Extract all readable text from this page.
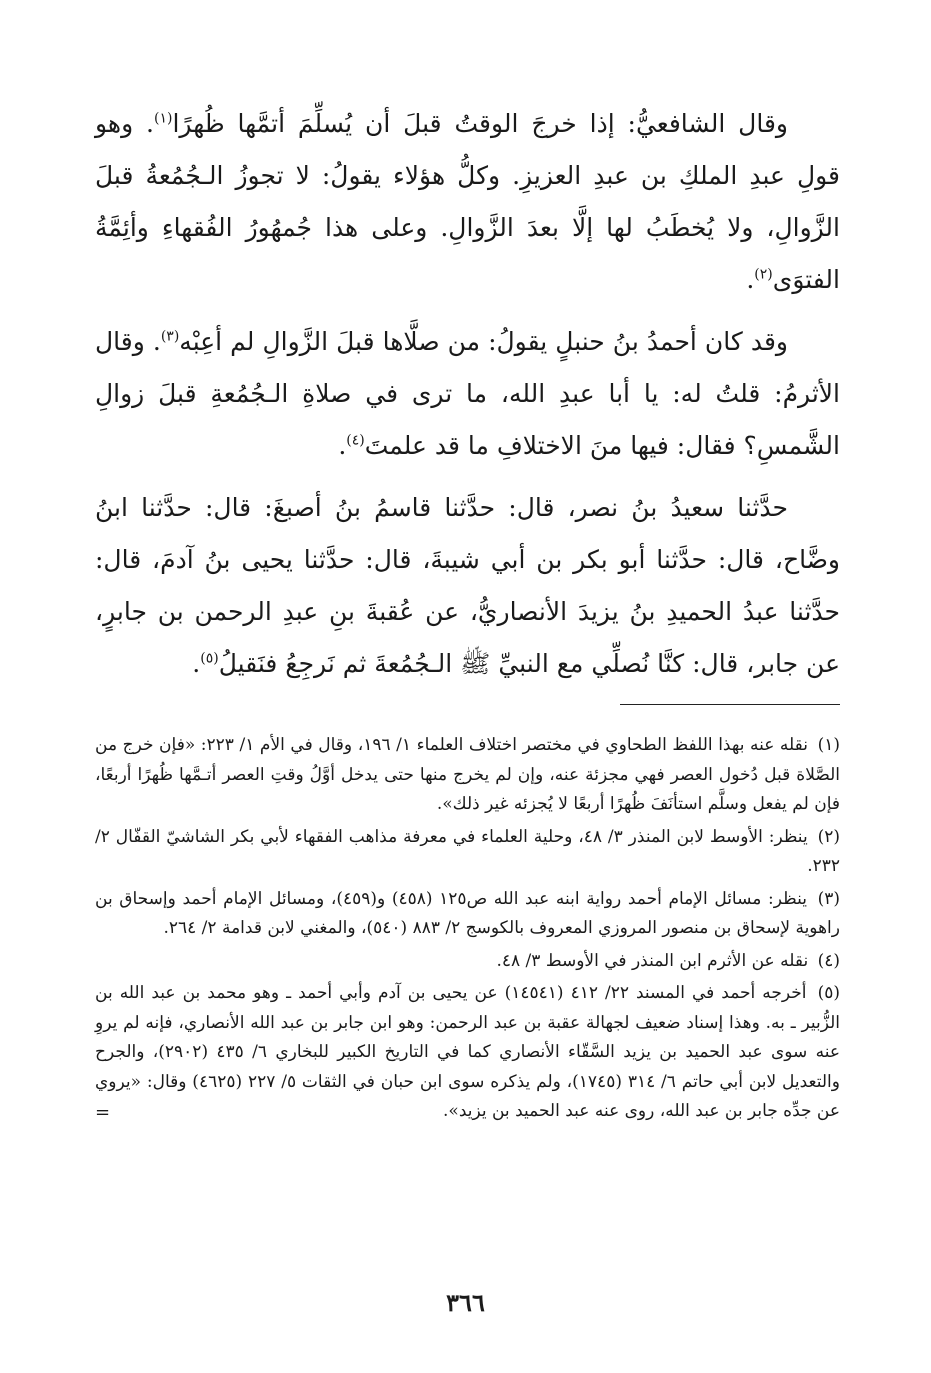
وقال الشافعيُّ: إذا خرجَ الوقتُ قبلَ أن يُسلِّمَ أتمَّها ظُهرًا$^{(١)}$. وهو قولِ عبدِ الملكِ بن عبدِ العزيزِ. وكلُّ هؤلاء يقولُ: لا تجوزُ الـجُمُعةُ قبلَ الزَّوالِ، ولا يُخطَبُ لها إلَّا بعدَ الزَّوالِ. وعلى هذا جُمهُورُ الفُقهاءِ وأئِمَّةُ الفتوَى$^{(٢)}$.

وقد كان أحمدُ بنُ حنبلٍ يقولُ: من صلَّاها قبلَ الزَّوالِ لم أعِبْه$^{(٣)}$. وقال الأثرمُ: قلتُ له: يا أبا عبدِ الله، ما ترى في صلاةِ الـجُمُعةِ قبلَ زوالِ الشَّمسِ؟ فقال: فيها منَ الاختلافِ ما قد علمتَ$^{(٤)}$.

حدَّثنا سعيدُ بنُ نصر، قال: حدَّثنا قاسمُ بنُ أصبغَ: قال: حدَّثنا ابنُ وضَّاح، قال: حدَّثنا أبو بكر بن أبي شيبةَ، قال: حدَّثنا يحيى بنُ آدمَ، قال: حدَّثنا عبدُ الحميدِ بنُ يزيدَ الأنصاريُّ، عن عُقبةَ بنِ عبدِ الرحمن بن جابرٍ، عن جابر، قال: كنَّا نُصلِّي مع النبيِّ ﷺ الـجُمُعةَ ثم نَرجِعُ فنَقيلُ$^{(٥)}$.

(١) نقله عنه بهذا اللفظ الطحاوي في مختصر اختلاف العلماء ١/ ١٩٦، وقال في الأم ١/ ٢٢٣: «فإن خرج من الصَّلاة قبل دُخول العصر فهي مجزئة عنه، وإن لم يخرج منها حتى يدخل أوَّلُ وقتِ العصر أتـمَّها ظُهرًا أربعًا، فإن لم يفعل وسلَّم استأنَفَ ظُهرًا أربعًا لا يُجزئه غير ذلك».
(٢) ينظر: الأوسط لابن المنذر ٣/ ٤٨، وحلية العلماء في معرفة مذاهب الفقهاء لأبي بكر الشاشيّ القفّال ٢/ ٢٣٢.
(٣) ينظر: مسائل الإمام أحمد رواية ابنه عبد الله ص١٢٥ (٤٥٨) و(٤٥٩)، ومسائل الإمام أحمد وإسحاق بن راهوية لإسحاق بن منصور المروزي المعروف بالكوسج ٢/ ٨٨٣ (٥٤٠)، والمغني لابن قدامة ٢/ ٢٦٤.
(٤) نقله عن الأثرم ابن المنذر في الأوسط ٣/ ٤٨.
(٥) أخرجه أحمد في المسند ٢٢/ ٤١٢ (١٤٥٤١) عن يحيى بن آدم وأبي أحمد ـ وهو محمد بن عبد الله بن الزُّبير ـ به. وهذا إسناد ضعيف لجهالة عقبة بن عبد الرحمن: وهو ابن جابر بن عبد الله الأنصاري، فإنه لم يروِ عنه سوى عبد الحميد بن يزيد السَّقّاء الأنصاري كما في التاريخ الكبير للبخاري ٦/ ٤٣٥ (٢٩٠٢)، والجرح والتعديل لابن أبي حاتم ٦/ ٣١٤ (١٧٤٥)، ولم يذكره سوى ابن حبان في الثقات ٥/ ٢٢٧ (٤٦٢٥) وقال: «يروي عن جدِّه جابر بن عبد الله، روى عنه عبد الحميد بن يزيد».
=
٣٦٦
